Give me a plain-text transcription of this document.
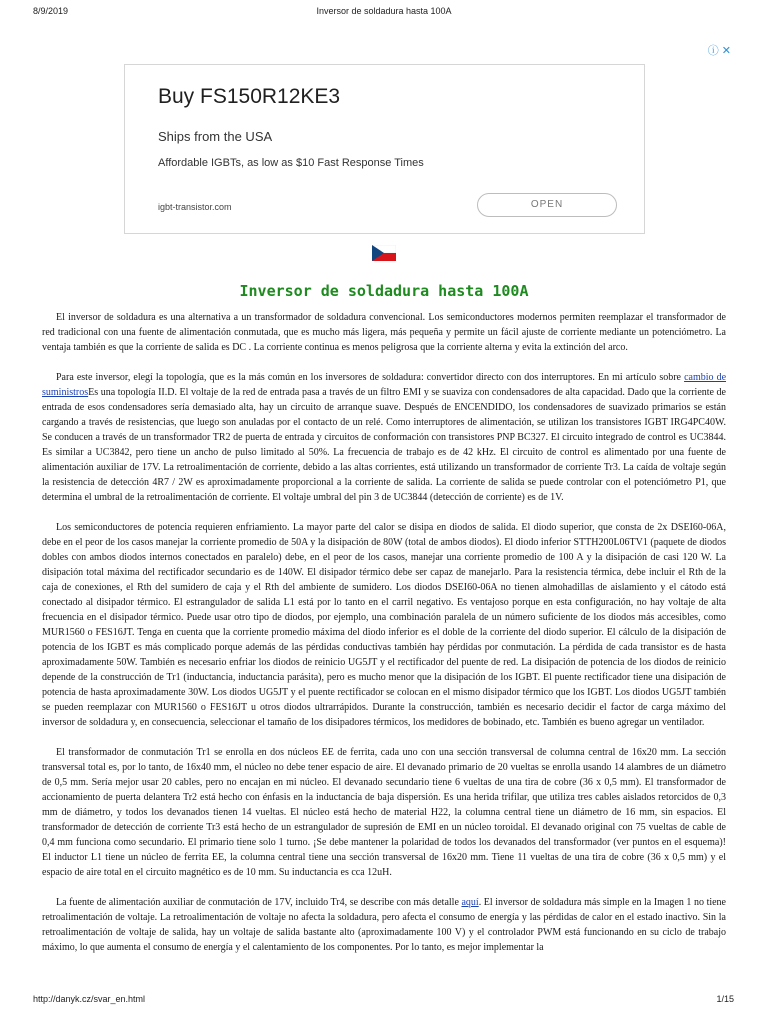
8/9/2019	Inversor de soldadura hasta 100A
ⓘ✕
Buy FS150R12KE3
Ships from the USA
Affordable IGBTs, as low as $10 Fast Response Times
igbt-transistor.com	OPEN
Inversor de soldadura hasta 100A

El inversor de soldadura es una alternativa a un transformador de soldadura convencional. Los semiconductores modernos permiten reemplazar el transformador de red tradicional con una fuente de alimentación conmutada, que es mucho más ligera, más pequeña y permite un fácil ajuste de corriente mediante un potenciómetro. La ventaja también es que la corriente de salida es DC . La corriente continua es menos peligrosa que la corriente alterna y evita la extinción del arco.

Para este inversor, elegí la topología, que es la más común en los inversores de soldadura: convertidor directo con dos interruptores. En mi artículo sobre cambio de suministrosEs una topología II.D. El voltaje de la red de entrada pasa a través de un filtro EMI y se suaviza con condensadores de alta capacidad. Dado que la corriente de entrada de esos condensadores sería demasiado alta, hay un circuito de arranque suave. Después de ENCENDIDO, los condensadores de suavizado primarios se están cargando a través de resistencias, que luego son anuladas por el contacto de un relé. Como interruptores de alimentación, se utilizan los transistores IGBT IRG4PC40W. Se conducen a través de un transformador TR2 de puerta de entrada y circuitos de conformación con transistores PNP BC327. El circuito integrado de control es UC3844. Es similar a UC3842, pero tiene un ancho de pulso limitado al 50%. La frecuencia de trabajo es de 42 kHz. El circuito de control es alimentado por una fuente de alimentación auxiliar de 17V. La retroalimentación de corriente, debido a las altas corrientes, está utilizando un transformador de corriente Tr3. La caída de voltaje según la resistencia de detección 4R7 / 2W es aproximadamente proporcional a la corriente de salida. La corriente de salida se puede controlar con el potenciómetro P1, que determina el umbral de la retroalimentación de corriente. El voltaje umbral del pin 3 de UC3844 (detección de corriente) es de 1V.

Los semiconductores de potencia requieren enfriamiento. La mayor parte del calor se disipa en diodos de salida. El diodo superior, que consta de 2x DSEI60-06A, debe en el peor de los casos manejar la corriente promedio de 50A y la disipación de 80W (total de ambos diodos). El diodo inferior STTH200L06TV1 (paquete de diodos dobles con ambos diodos internos conectados en paralelo) debe, en el peor de los casos, manejar una corriente promedio de 100 A y la disipación de casi 120 W. La disipación total máxima del rectificador secundario es de 140W. El disipador térmico debe ser capaz de manejarlo. Para la resistencia térmica, debe incluir el Rth de la caja de conexiones, el Rth del sumidero de caja y el Rth del ambiente de sumidero. Los diodos DSEI60-06A no tienen almohadillas de aislamiento y el cátodo está conectado al disipador térmico. El estrangulador de salida L1 está por lo tanto en el carril negativo. Es ventajoso porque en esta configuración, no hay voltaje de alta frecuencia en el disipador térmico. Puede usar otro tipo de diodos, por ejemplo, una combinación paralela de un número suficiente de los diodos más accesibles, como MUR1560 o FES16JT. Tenga en cuenta que la corriente promedio máxima del diodo inferior es el doble de la corriente del diodo superior. El cálculo de la disipación de potencia de los IGBT es más complicado porque además de las pérdidas conductivas también hay pérdidas por conmutación. La pérdida de cada transistor es de hasta aproximadamente 50W. También es necesario enfriar los diodos de reinicio UG5JT y el rectificador del puente de red. La disipación de potencia de los diodos de reinicio depende de la construcción de Tr1 (inductancia, inductancia parásita), pero es mucho menor que la disipación de los IGBT. El puente rectificador tiene una disipación de potencia de hasta aproximadamente 30W. Los diodos UG5JT y el puente rectificador se colocan en el mismo disipador térmico que los IGBT. Los diodos UG5JT también se pueden reemplazar con MUR1560 o FES16JT u otros diodos ultrarrápidos. Durante la construcción, también es necesario decidir el factor de carga máximo del inversor de soldadura y, en consecuencia, seleccionar el tamaño de los disipadores térmicos, los medidores de bobinado, etc. También es bueno agregar un ventilador.

El transformador de conmutación Tr1 se enrolla en dos núcleos EE de ferrita, cada uno con una sección transversal de columna central de 16x20 mm. La sección transversal total es, por lo tanto, de 16x40 mm, el núcleo no debe tener espacio de aire. El devanado primario de 20 vueltas se enrolla usando 14 alambres de un diámetro de 0,5 mm. Sería mejor usar 20 cables, pero no encajan en mi núcleo. El devanado secundario tiene 6 vueltas de una tira de cobre (36 x 0,5 mm). El transformador de accionamiento de puerta delantera Tr2 está hecho con énfasis en la inductancia de baja dispersión. Es una herida trifilar, que utiliza tres cables aislados retorcidos de 0,3 mm de diámetro, y todos los devanados tienen 14 vueltas. El núcleo está hecho de material H22, la columna central tiene un diámetro de 16 mm, sin espacios. El transformador de detección de corriente Tr3 está hecho de un estrangulador de supresión de EMI en un núcleo toroidal. El devanado original con 75 vueltas de cable de 0,4 mm funciona como secundario. El primario tiene solo 1 turno. ¡Se debe mantener la polaridad de todos los devanados del transformador (ver puntos en el esquema)! El inductor L1 tiene un núcleo de ferrita EE, la columna central tiene una sección transversal de 16x20 mm. Tiene 11 vueltas de una tira de cobre (36 x 0,5 mm) y el espacio de aire total en el circuito magnético es de 10 mm. Su inductancia es cca 12uH.

La fuente de alimentación auxiliar de conmutación de 17V, incluido Tr4, se describe con más detalle aquí. El inversor de soldadura más simple en la Imagen 1 no tiene retroalimentación de voltaje. La retroalimentación de voltaje no afecta la soldadura, pero afecta el consumo de energía y las pérdidas de calor en el estado inactivo. Sin la retroalimentación de voltaje de salida, hay un voltaje de salida bastante alto (aproximadamente 100 V) y el controlador PWM está funcionando en su ciclo de trabajo máximo, lo que aumenta el consumo de energía y el calentamiento de los componentes. Por lo tanto, es mejor implementar la

http://danyk.cz/svar_en.html	1/15
